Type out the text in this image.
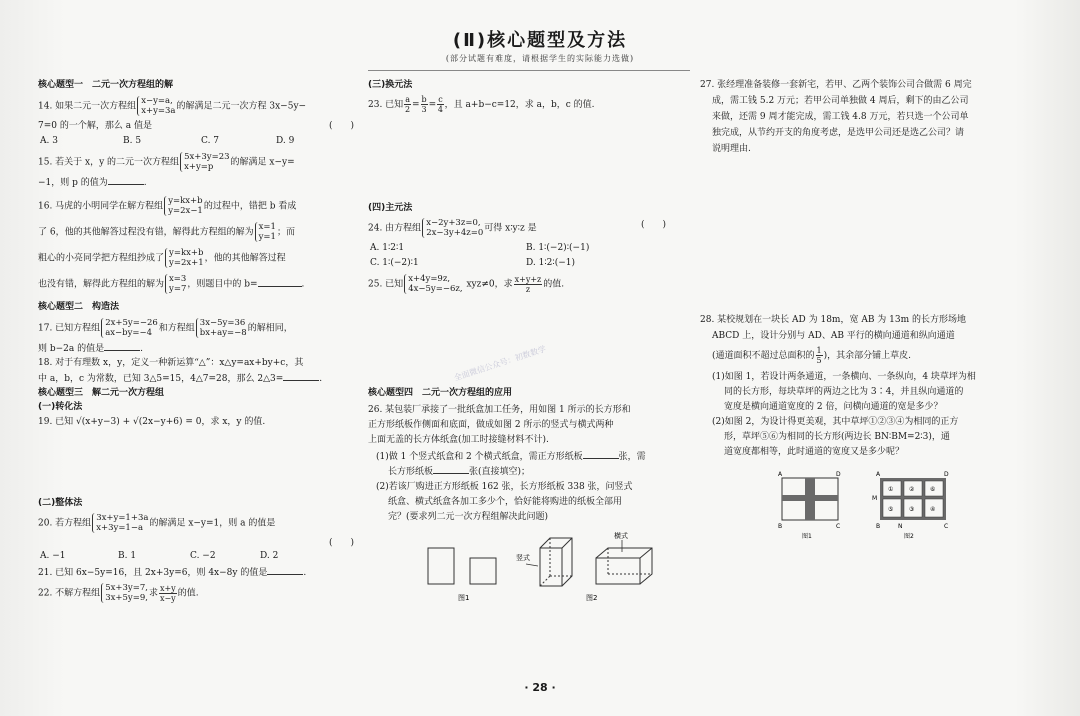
(Ⅱ)核心题型及方法
(部分试题有难度，请根据学生的实际能力选做)
核心题型一　二元一次方程组的解
14. 如果二元一次方程组
x−y=a,
x+y=3a 的解满足二元一次方程 3x−5y−
7=0 的一个解，那么 a 值是	(　　)
A. 3	B. 5	C. 7	D. 9
15. 若关于 x，y 的二元一次方程组
5x+3y=23
x+y=p	的解满足 x−y=
−1，则 p 的值为	.
16. 马虎的小明同学在解方程组
y=kx+b
y=2x−1 的过程中，错把 b 看成
了 6，他的其他解答过程没有错，解得此方程组的解为
x=1
y=1 ；而
粗心的小亮同学把方程组抄成了
y=kx+b
y=2x+1 ，他的其他解答过程
也没有错，解得此方程组的解为
x=3
y=7 ，则题目中的 b=	.
核心题型二　构造法
17. 已知方程组
2x+5y=−26
ax−by=−4 和方程组
3x−5y=36
bx+ay=−8 的解相同，
则 b−2a 的值是	.
18. 对于有理数 x，y，定义一种新运算“△”：x△y=ax+by+c，其
中 a，b，c 为常数，已知 3△5=15，4△7=28，那么 2△3=	.
核心题型三　解二元一次方程组
(一)转化法
19. 已知 √(x+y−3) + √(2x−y+6) = 0，求 x，y 的值.
(二)整体法
20. 若方程组
3x+y=1+3a
x+3y=1−a 的解满足 x−y=1，则 a 的值是
(　　)
A. −1	B. 1	C. −2	D. 2
21. 已知 6x−5y=16，且 2x+3y=6，则 4x−8y 的值是	.
22. 不解方程组
5x+3y=7,
3x+5y=9, 求 $\frac{x+y}{x-y}$ 的值.
(三)换元法
23. 已知 $\frac{a}{2} = \frac{b}{3} = \frac{c}{4}$ ，且 a+b−c=12，求 a，b，c 的值.
(四)主元法
24. 由方程组
x−2y+3z=0,
2x−3y+4z=0 可得 x∶y∶z 是	(　　)
A. 1∶2∶1	B. 1∶(−2)∶(−1)
C. 1∶(−2)∶1	D. 1∶2∶(−1)
25. 已知
x+4y=9z,
4x−5y=−6z, xyz≠0，求 $\frac{x+y+z}{z}$ 的值.
核心题型四　二元一次方程组的应用
26. 某包装厂承接了一批纸盒加工任务，用如图 1 所示的长方形和
正方形纸板作侧面和底面，做成如图 2 所示的竖式与横式两种
上面无盖的长方体纸盒(加工时接缝材料不计).
(1)做 1 个竖式纸盒和 2 个横式纸盒，需正方形纸板	张，需
长方形纸板	张(直接填空)；
(2)若该厂购进正方形纸板 162 张，长方形纸板 338 张，问竖式
纸盒、横式纸盒各加工多少个，恰好能将购进的纸板全部用
完？(要求列二元一次方程组解决此问题)
图1
竖式
横式
图2
全面微信公众号：初数数学
27. 张经理准备装修一套新宅，若甲、乙两个装饰公司合做需 6 周完
成，需工钱 5.2 万元；若甲公司单独做 4 周后，剩下的由乙公司
来做，还需 9 周才能完成，需工钱 4.8 万元，若只选一个公司单
独完成，从节约开支的角度考虑，是选甲公司还是选乙公司？请
说明理由.
28. 某校规划在一块长 AD 为 18m，宽 AB 为 13m 的长方形场地
ABCD 上，设计分别与 AD、AB 平行的横向通道和纵向通道
(通道面积不超过总面积的 $\frac{1}{5}$ )，其余部分铺上草皮.
(1)如图 1，若设计两条通道，一条横向、一条纵向，4 块草坪为相
同的长方形，每块草坪的两边之比为 3∶4，并且纵向通道的
宽度是横向通道宽度的 2 倍，问横向通道的宽是多少？
(2)如图 2，为设计得更美观，其中草坪①②③④为相同的正方
形，草坪⑤⑥为相同的长方形(两边长 BN∶BM=2∶3)，通
道宽度都相等，此时通道的宽度又是多少呢？
A	D
B	C
图1
①	②	⑥
⑤	③	④
A	D
M
B	N	C
图2
· 28 ·
